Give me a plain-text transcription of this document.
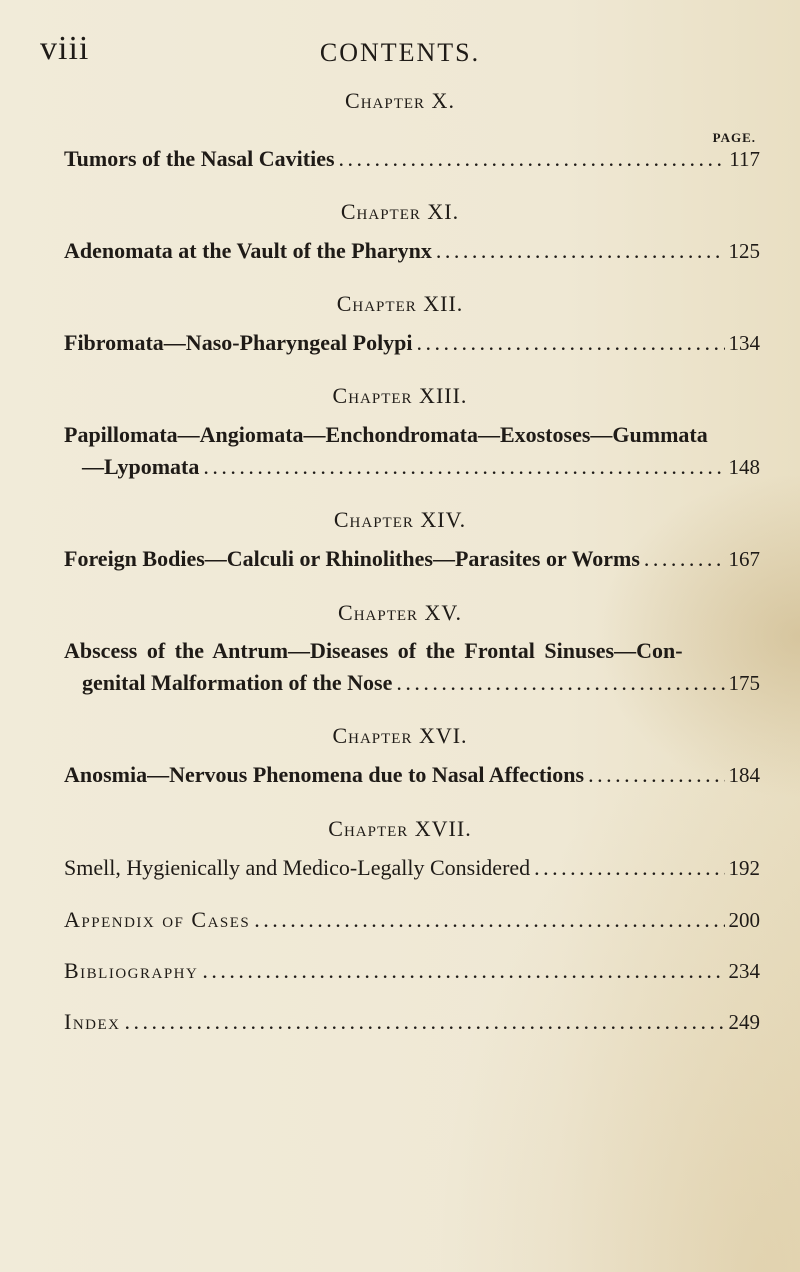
viii	CONTENTS.
Chapter X.
PAGE.
Tumors of the Nasal Cavities . . .	117
Chapter XI.
Adenomata at the Vault of the Pharynx . . .	125
Chapter XII.
Fibromata—Naso-Pharyngeal Polypi . . .	134
Chapter XIII.
Papillomata—Angiomata—Enchondromata—Exostoses—Gummata
—Lypomata . . .	148
Chapter XIV.
Foreign Bodies—Calculi or Rhinolithes—Parasites or Worms . . .	167
Chapter XV.
Abscess of the Antrum—Diseases of the Frontal Sinuses—Con-
genital Malformation of the Nose . . .	175
Chapter XVI.
Anosmia—Nervous Phenomena due to Nasal Affections . . .	184
Chapter XVII.
Smell, Hygienically and Medico-Legally Considered . . .	192
Appendix of Cases . . .	200
Bibliography . . .	234
Index . . .	249
